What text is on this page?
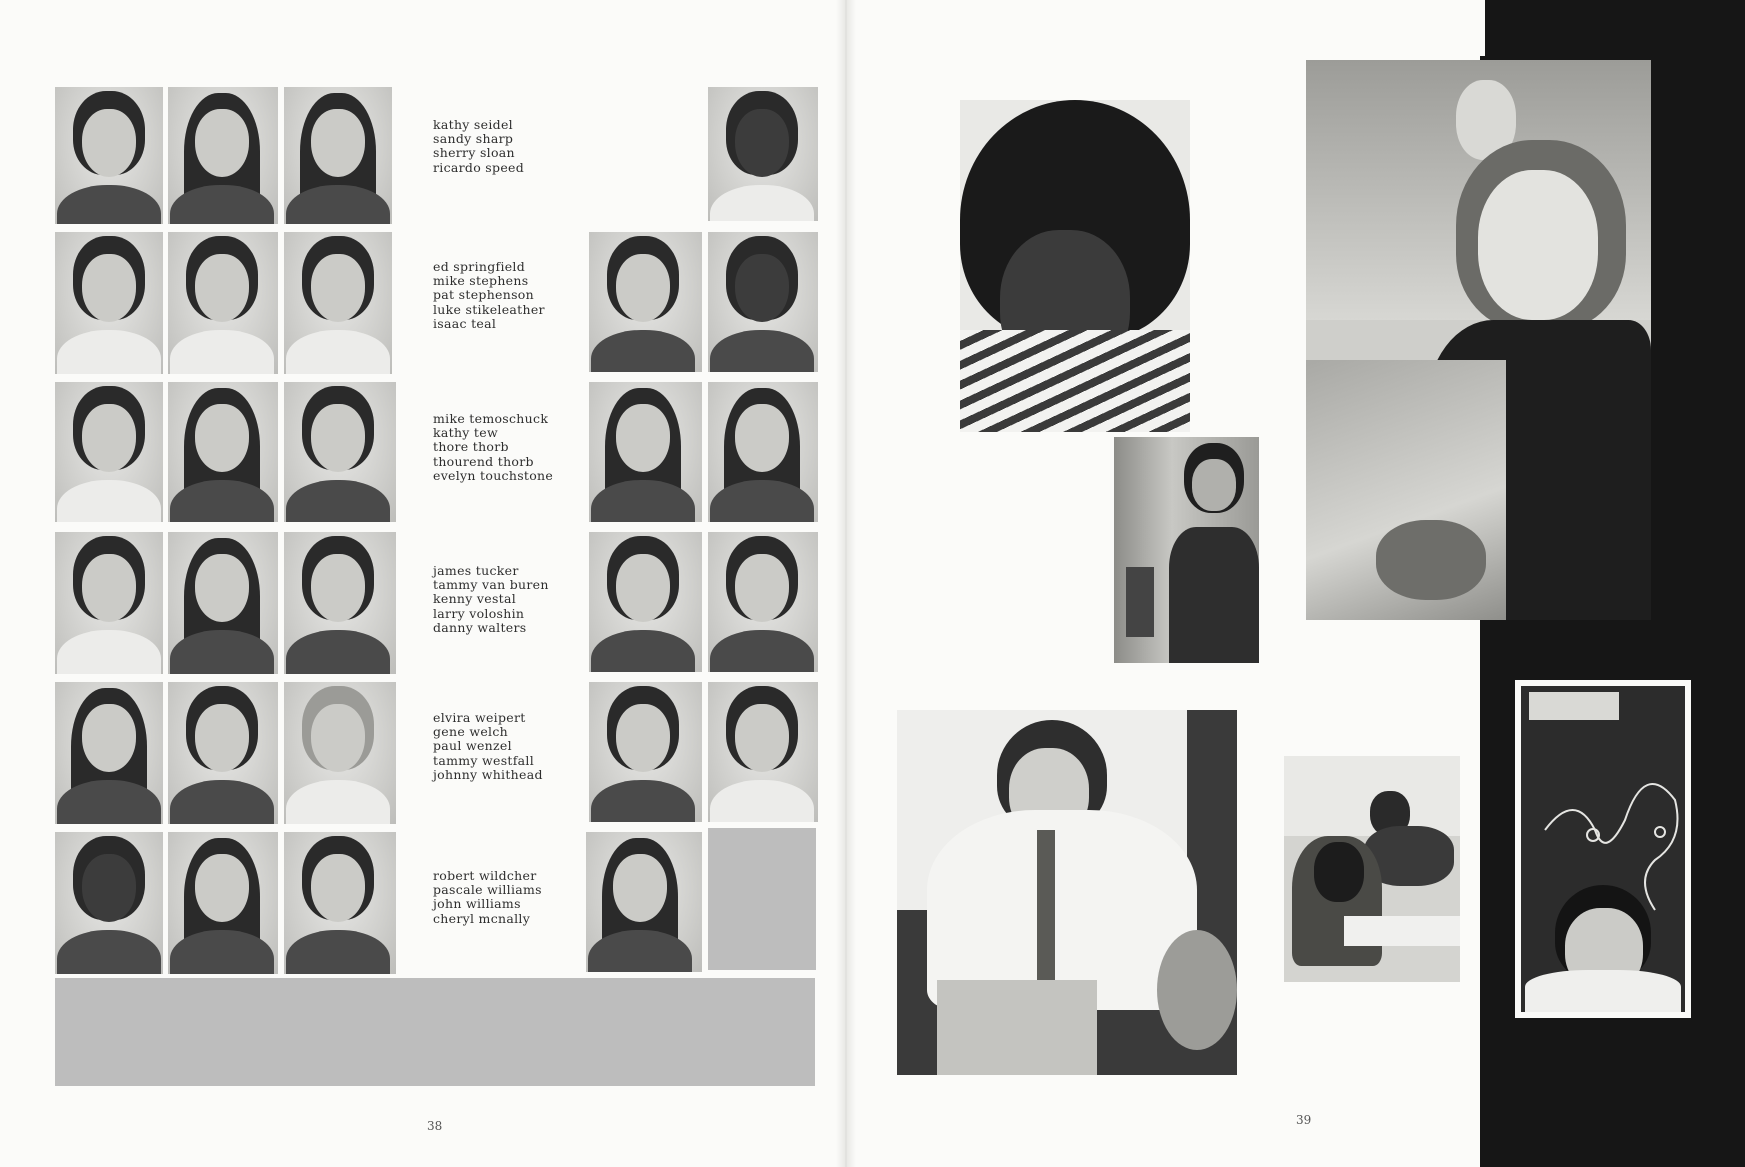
kathy seidel
sandy sharp
sherry sloan
ricardo speed
ed springfield
mike stephens
pat stephenson
luke stikeleather
isaac teal
mike temoschuck
kathy tew
thore thorb
thourend thorb
evelyn touchstone
james tucker
tammy van buren
kenny vestal
larry voloshin
danny walters
elvira weipert
gene welch
paul wenzel
tammy westfall
johnny whithead
robert wildcher
pascale williams
john williams
cheryl mcnally
38	39
